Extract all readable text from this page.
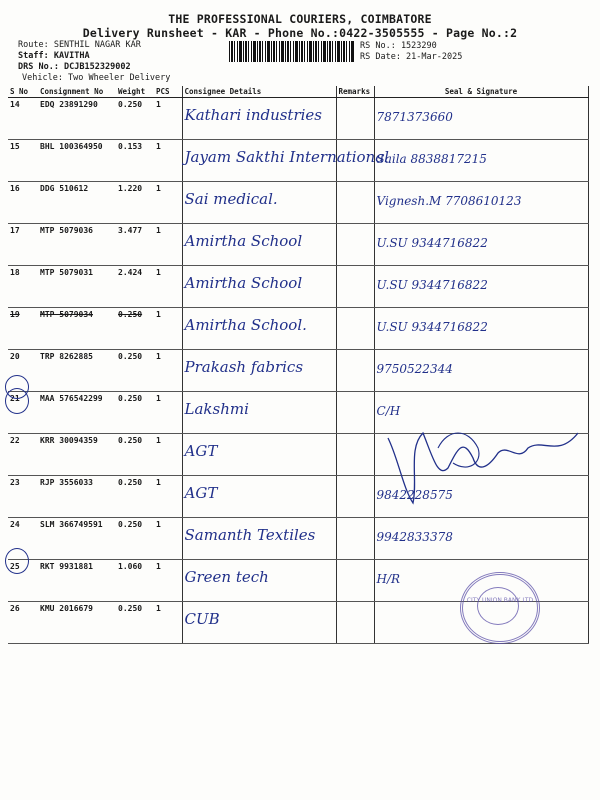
THE PROFESSIONAL COURIERS, COIMBATORE
Delivery Runsheet - KAR - Phone No.:0422-3505555 - Page No.:2
Route: SENTHIL NAGAR KAR
Staff: KAVITHA
DRS No.: DCJB152329002
Vehicle: Two Wheeler Delivery
RS No.: 1523290
RS Date: 21-Mar-2025
S No	Consignment No	Weight	PCS	Consignee Details	Remarks	Seal & Signature
14	EDQ 23891290	0.250	1	Kathari industries		7871373660

15	BHL 100364950	0.153	1	Jayam Sakthi International		Saila 8838817215

16	DDG 510612	1.220	1	Sai medical.		Vignesh.M 7708610123

17	MTP 5079036	3.477	1	Amirtha School		U.SU 9344716822

18	MTP 5079031	2.424	1	Amirtha School		U.SU 9344716822

19	MTP 5079034	0.250	1	Amirtha School.		U.SU 9344716822

20	TRP 8262885	0.250	1	Prakash fabrics		9750522344

21	MAA 576542299	0.250	1	Lakshmi		C/H

22	KRR 30094359	0.250	1	AGT		

23	RJP 3556033	0.250	1	AGT		9842228575

24	SLM 366749591	0.250	1	Samanth Textiles		9942833378

25	RKT 9931881	1.060	1	Green tech		H/R

26	KMU 2016679	0.250	1	CUB		

CITY UNION BANK LTD
